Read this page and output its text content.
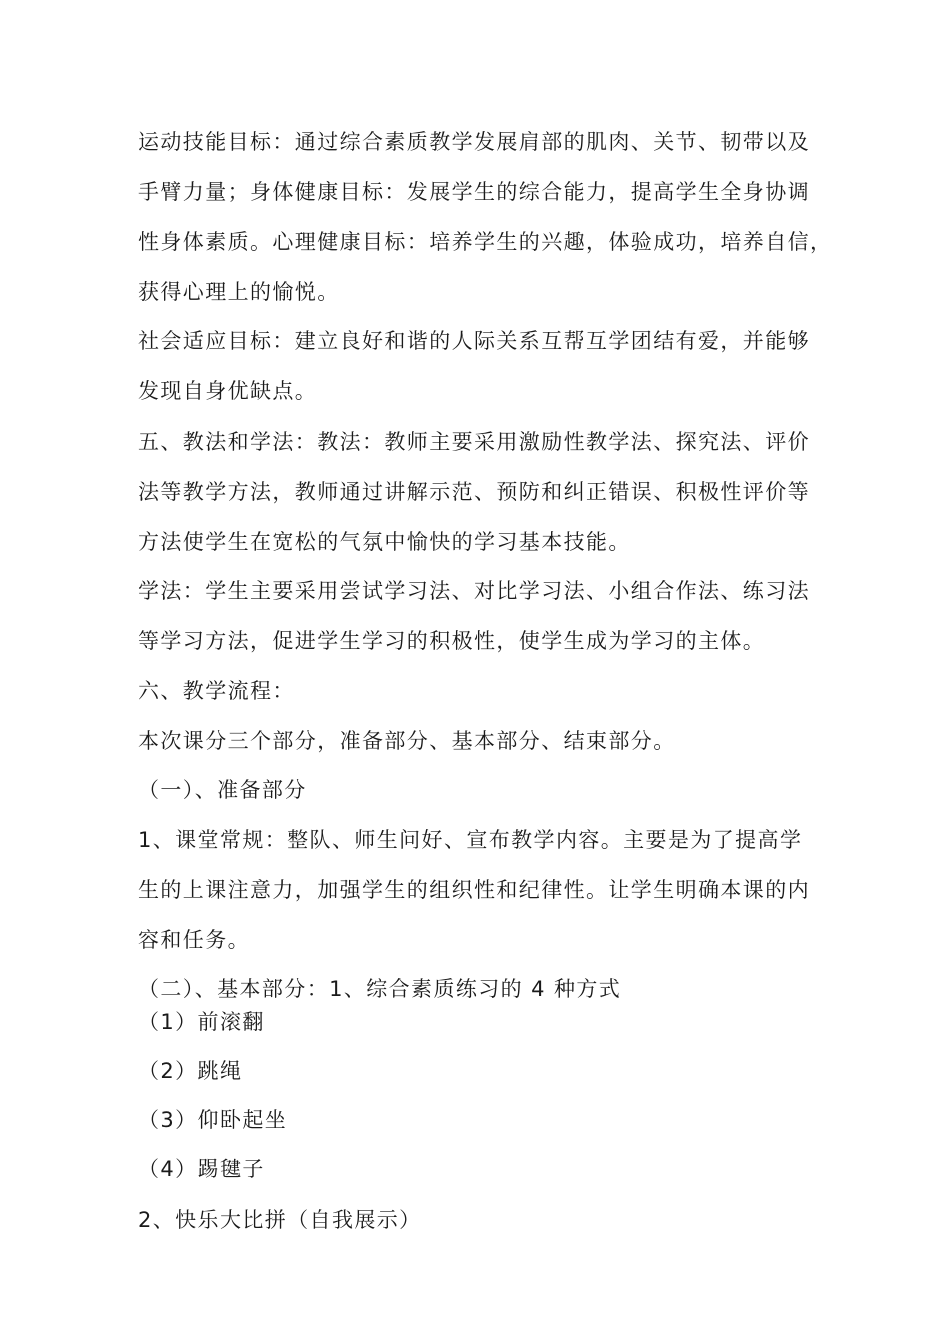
运动技能目标：通过综合素质教学发展肩部的肌肉、关节、韧带以及
手臂力量；身体健康目标：发展学生的综合能力，提高学生全身协调
性身体素质。心理健康目标：培养学生的兴趣，体验成功，培养自信，
获得心理上的愉悦。
社会适应目标：建立良好和谐的人际关系互帮互学团结有爱，并能够
发现自身优缺点。
五、教法和学法：教法：教师主要采用激励性教学法、探究法、评价
法等教学方法，教师通过讲解示范、预防和纠正错误、积极性评价等
方法使学生在宽松的气氛中愉快的学习基本技能。
学法：学生主要采用尝试学习法、对比学习法、小组合作法、练习法
等学习方法，促进学生学习的积极性，使学生成为学习的主体。
六、教学流程：
本次课分三个部分，准备部分、基本部分、结束部分。
（一）、准备部分
1、课堂常规：整队、师生问好、宣布教学内容。主要是为了提高学
生的上课注意力，加强学生的组织性和纪律性。让学生明确本课的内
容和任务。
（二）、基本部分：1、综合素质练习的 4 种方式
（1）前滚翻
（2）跳绳
（3）仰卧起坐
（4）踢毽子
2、快乐大比拼（自我展示）
